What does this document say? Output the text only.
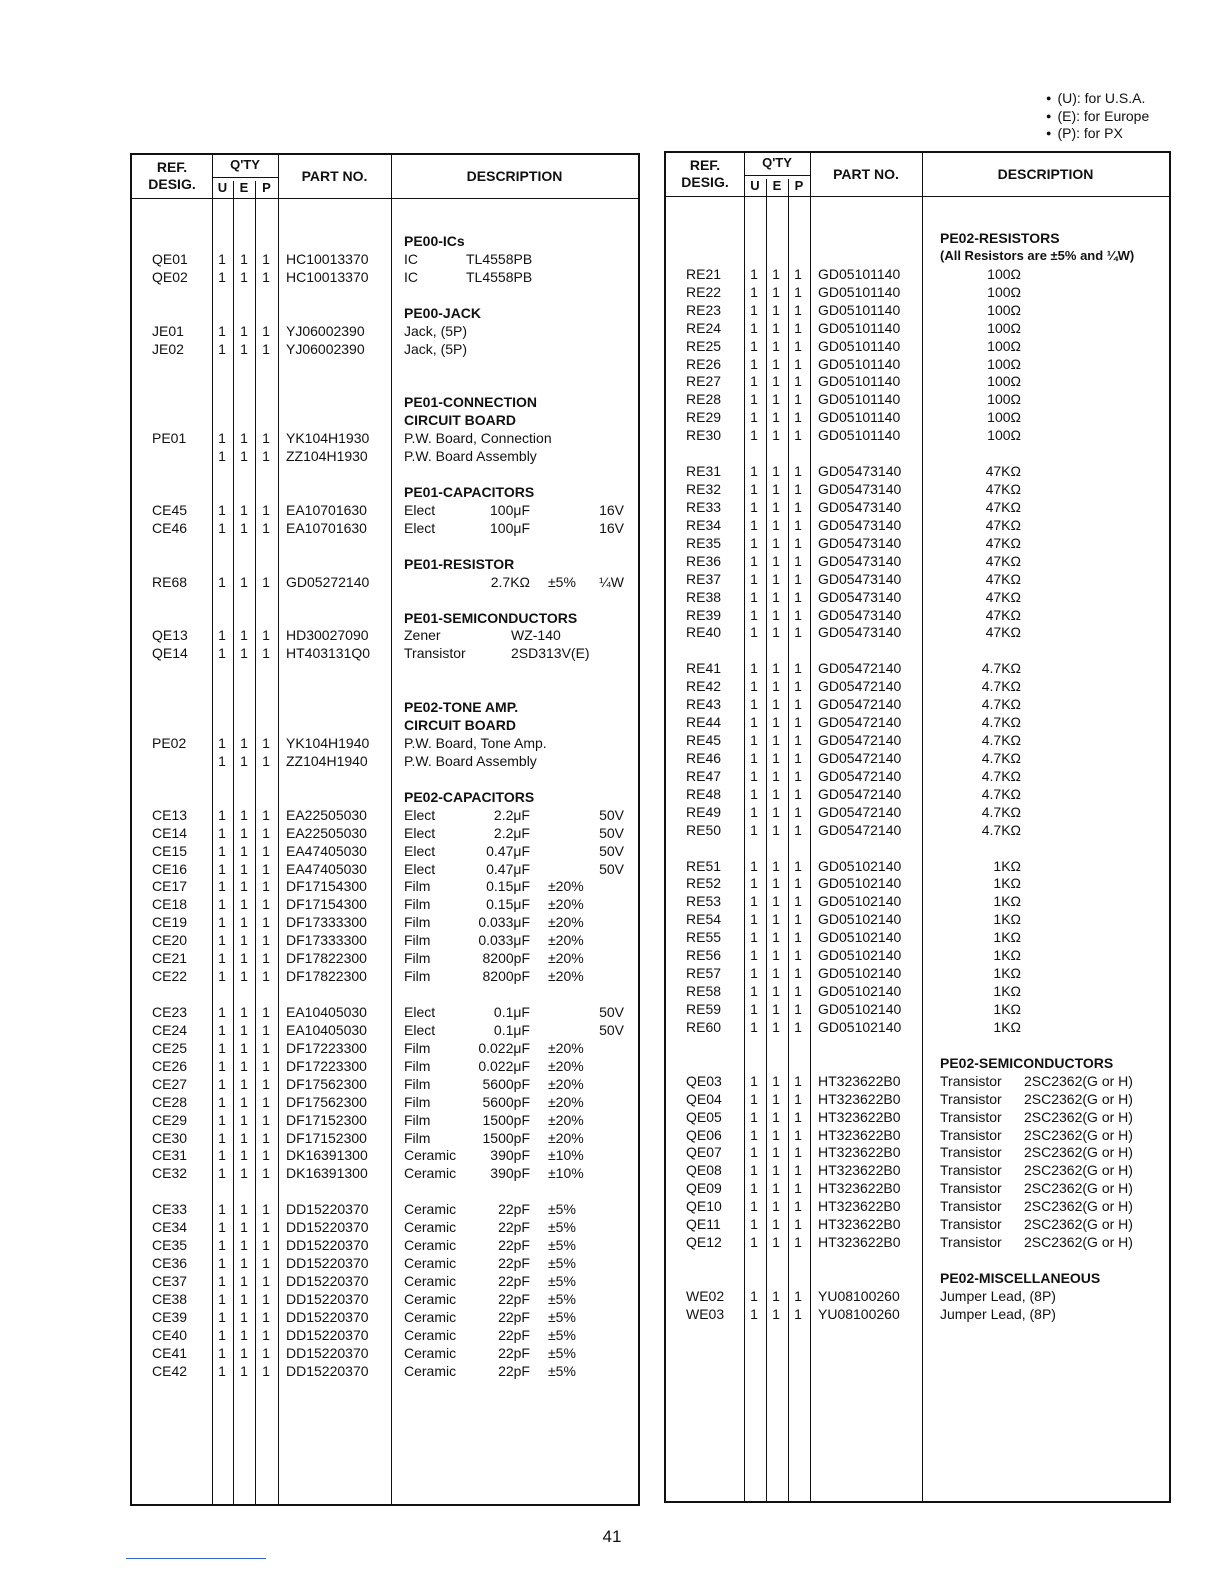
● (U): for U.S.A.
● (E): for Europe
● (P): for PX
REF.
DESIG.
Q'TY
U E	P
PART NO.	DESCRIPTION
PE00-ICs
QE01	1	1	1	HC10013370	IC	TL4558PB
QE02	1	1	1	HC10013370	IC	TL4558PB
PE00-JACK
JE01	1	1	1	YJ06002390	Jack, (5P)
JE02	1	1	1	YJ06002390	Jack, (5P)
PE01-CONNECTION
CIRCUIT BOARD
PE01	1	1	1	YK104H1930 P.W. Board, Connection
1	1	1	ZZ104H1930	P.W. Board Assembly
PE01-CAPACITORS
CE45	1	1	1	EA10701630	Elect	100μF	16V
CE46	1	1	1	EA10701630	Elect	100μF	16V
PE01-RESISTOR
RE68	1	1	1	GD05272140	2.7KΩ ±5%	¼W
PE01-SEMICONDUCTORS
QE13	1	1	1	HD30027090	Zener	WZ-140
QE14	1	1	1	HT403131Q0 Transistor	2SD313V(E)
PE02-TONE AMP.
CIRCUIT BOARD
PE02	1	1	1	YK104H1940 P.W. Board, Tone Amp.
1	1	1	ZZ104H1940	P.W. Board Assembly
PE02-CAPACITORS
CE13	1	1	1	EA22505030	Elect	2.2μF	50V
CE14	1	1	1	EA22505030	Elect	2.2μF	50V
CE15	1	1	1	EA47405030	Elect	0.47μF	50V
CE16	1	1	1	EA47405030	Elect	0.47μF	50V
CE17	1	1	1	DF17154300	Film	0.15μF ±20%
CE18	1	1	1	DF17154300	Film	0.15μF ±20%
CE19	1	1	1	DF17333300	Film	0.033μF ±20%
CE20	1	1	1	DF17333300	Film	0.033μF ±20%
CE21	1	1	1	DF17822300	Film	8200pF ±20%
CE22	1	1	1	DF17822300	Film	8200pF ±20%
CE23	1	1	1	EA10405030	Elect	0.1μF	50V
CE24	1	1	1	EA10405030	Elect	0.1μF	50V
CE25	1	1	1	DF17223300	Film	0.022μF ±20%
CE26	1	1	1	DF17223300	Film	0.022μF ±20%
CE27	1	1	1	DF17562300	Film	5600pF ±20%
CE28	1	1	1	DF17562300	Film	5600pF ±20%
CE29	1	1	1	DF17152300	Film	1500pF ±20%
CE30	1	1	1	DF17152300	Film	1500pF ±20%
CE31	1	1	1	DK16391300	Ceramic	390pF ±10%
CE32	1	1	1	DK16391300	Ceramic	390pF ±10%
CE33	1	1	1	DD15220370	Ceramic	22pF ±5%
CE34	1	1	1	DD15220370	Ceramic	22pF ±5%
CE35	1	1	1	DD15220370	Ceramic	22pF ±5%
CE36	1	1	1	DD15220370	Ceramic	22pF ±5%
CE37	1	1	1	DD15220370	Ceramic	22pF ±5%
CE38	1	1	1	DD15220370	Ceramic	22pF ±5%
CE39	1	1	1	DD15220370	Ceramic	22pF ±5%
CE40	1	1	1	DD15220370	Ceramic	22pF ±5%
CE41	1	1	1	DD15220370	Ceramic	22pF ±5%
CE42	1	1	1	DD15220370	Ceramic	22pF ±5%
REF.
DESIG.
Q'TY
U E	P
PART NO.	DESCRIPTION
PE02-RESISTORS
(All Resistors are ±5% and ¼W)
RE21	1	1	1	GD05101140	100Ω
RE22	1	1	1	GD05101140	100Ω
RE23	1	1	1	GD05101140	100Ω
RE24	1	1	1	GD05101140	100Ω
RE25	1	1	1	GD05101140	100Ω
RE26	1	1	1	GD05101140	100Ω
RE27	1	1	1	GD05101140	100Ω
RE28	1	1	1	GD05101140	100Ω
RE29	1	1	1	GD05101140	100Ω
RE30	1	1	1	GD05101140	100Ω
RE31	1	1	1	GD05473140	47KΩ
RE32	1	1	1	GD05473140	47KΩ
RE33	1	1	1	GD05473140	47KΩ
RE34	1	1	1	GD05473140	47KΩ
RE35	1	1	1	GD05473140	47KΩ
RE36	1	1	1	GD05473140	47KΩ
RE37	1	1	1	GD05473140	47KΩ
RE38	1	1	1	GD05473140	47KΩ
RE39	1	1	1	GD05473140	47KΩ
RE40	1	1	1	GD05473140	47KΩ
RE41	1	1	1	GD05472140	4.7KΩ
RE42	1	1	1	GD05472140	4.7KΩ
RE43	1	1	1	GD05472140	4.7KΩ
RE44	1	1	1	GD05472140	4.7KΩ
RE45	1	1	1	GD05472140	4.7KΩ
RE46	1	1	1	GD05472140	4.7KΩ
RE47	1	1	1	GD05472140	4.7KΩ
RE48	1	1	1	GD05472140	4.7KΩ
RE49	1	1	1	GD05472140	4.7KΩ
RE50	1	1	1	GD05472140	4.7KΩ
RE51	1	1	1	GD05102140	1KΩ
RE52	1	1	1	GD05102140	1KΩ
RE53	1	1	1	GD05102140	1KΩ
RE54	1	1	1	GD05102140	1KΩ
RE55	1	1	1	GD05102140	1KΩ
RE56	1	1	1	GD05102140	1KΩ
RE57	1	1	1	GD05102140	1KΩ
RE58	1	1	1	GD05102140	1KΩ
RE59	1	1	1	GD05102140	1KΩ
RE60	1	1	1	GD05102140	1KΩ
PE02-SEMICONDUCTORS
QE03	1	1	1	HT323622B0	Transistor 2SC2362(G or H)
QE04	1	1	1	HT323622B0	Transistor 2SC2362(G or H)
QE05	1	1	1	HT323622B0	Transistor 2SC2362(G or H)
QE06	1	1	1	HT323622B0	Transistor 2SC2362(G or H)
QE07	1	1	1	HT323622B0	Transistor 2SC2362(G or H)
QE08	1	1	1	HT323622B0	Transistor 2SC2362(G or H)
QE09	1	1	1	HT323622B0	Transistor 2SC2362(G or H)
QE10	1	1	1	HT323622B0	Transistor 2SC2362(G or H)
QE11	1	1	1	HT323622B0	Transistor 2SC2362(G or H)
QE12	1	1	1	HT323622B0	Transistor 2SC2362(G or H)
PE02-MISCELLANEOUS
WE02	1	1	1	YU08100260	Jumper Lead, (8P)
WE03	1	1	1	YU08100260	Jumper Lead, (8P)
41
